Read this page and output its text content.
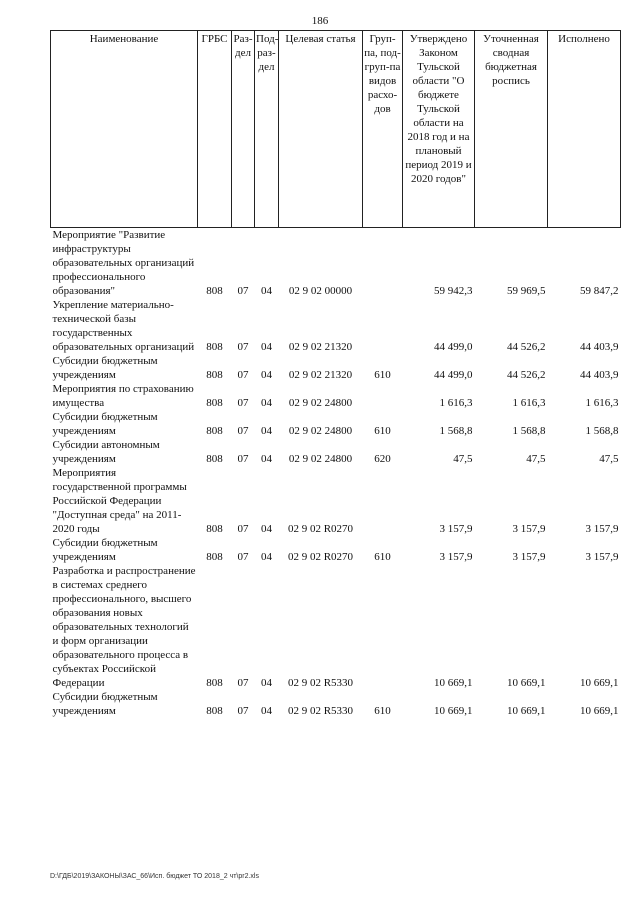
186
Наименование	ГРБС	Раз-дел	Под-раз-дел	Целевая статья	Груп-па, под-груп-па видов расхо-дов	Утверждено Законом Тульской области "О бюджете Тульской области на 2018 год и на плановый период 2019 и 2020 годов"	Уточненная сводная бюджетная роспись	Исполнено
Мероприятие "Развитие инфраструктуры образовательных организаций профессионального образования"	808	07	04	02 9 02 00000		59 942,3	59 969,5	59 847,2
Укрепление материально-технической базы государственных образовательных организаций	808	07	04	02 9 02 21320		44 499,0	44 526,2	44 403,9
Субсидии бюджетным учреждениям	808	07	04	02 9 02 21320	610	44 499,0	44 526,2	44 403,9
Мероприятия по страхованию имущества	808	07	04	02 9 02 24800		1 616,3	1 616,3	1 616,3
Субсидии бюджетным учреждениям	808	07	04	02 9 02 24800	610	1 568,8	1 568,8	1 568,8
Субсидии автономным учреждениям	808	07	04	02 9 02 24800	620	47,5	47,5	47,5
Мероприятия государственной программы Российской Федерации "Доступная среда" на 2011-2020 годы	808	07	04	02 9 02 R0270		3 157,9	3 157,9	3 157,9
Субсидии бюджетным учреждениям	808	07	04	02 9 02 R0270	610	3 157,9	3 157,9	3 157,9
Разработка и распространение в системах среднего профессионального, высшего образования новых образовательных технологий и форм организации образовательного процесса в субъектах Российской Федерации	808	07	04	02 9 02 R5330		10 669,1	10 669,1	10 669,1
Субсидии бюджетным учреждениям	808	07	04	02 9 02 R5330	610	10 669,1	10 669,1	10 669,1
D:\ГДБ\2019\ЗАКОНЫ\ЗАС_66\Исп. бюджет ТО 2018_2 чт\pr2.xls
